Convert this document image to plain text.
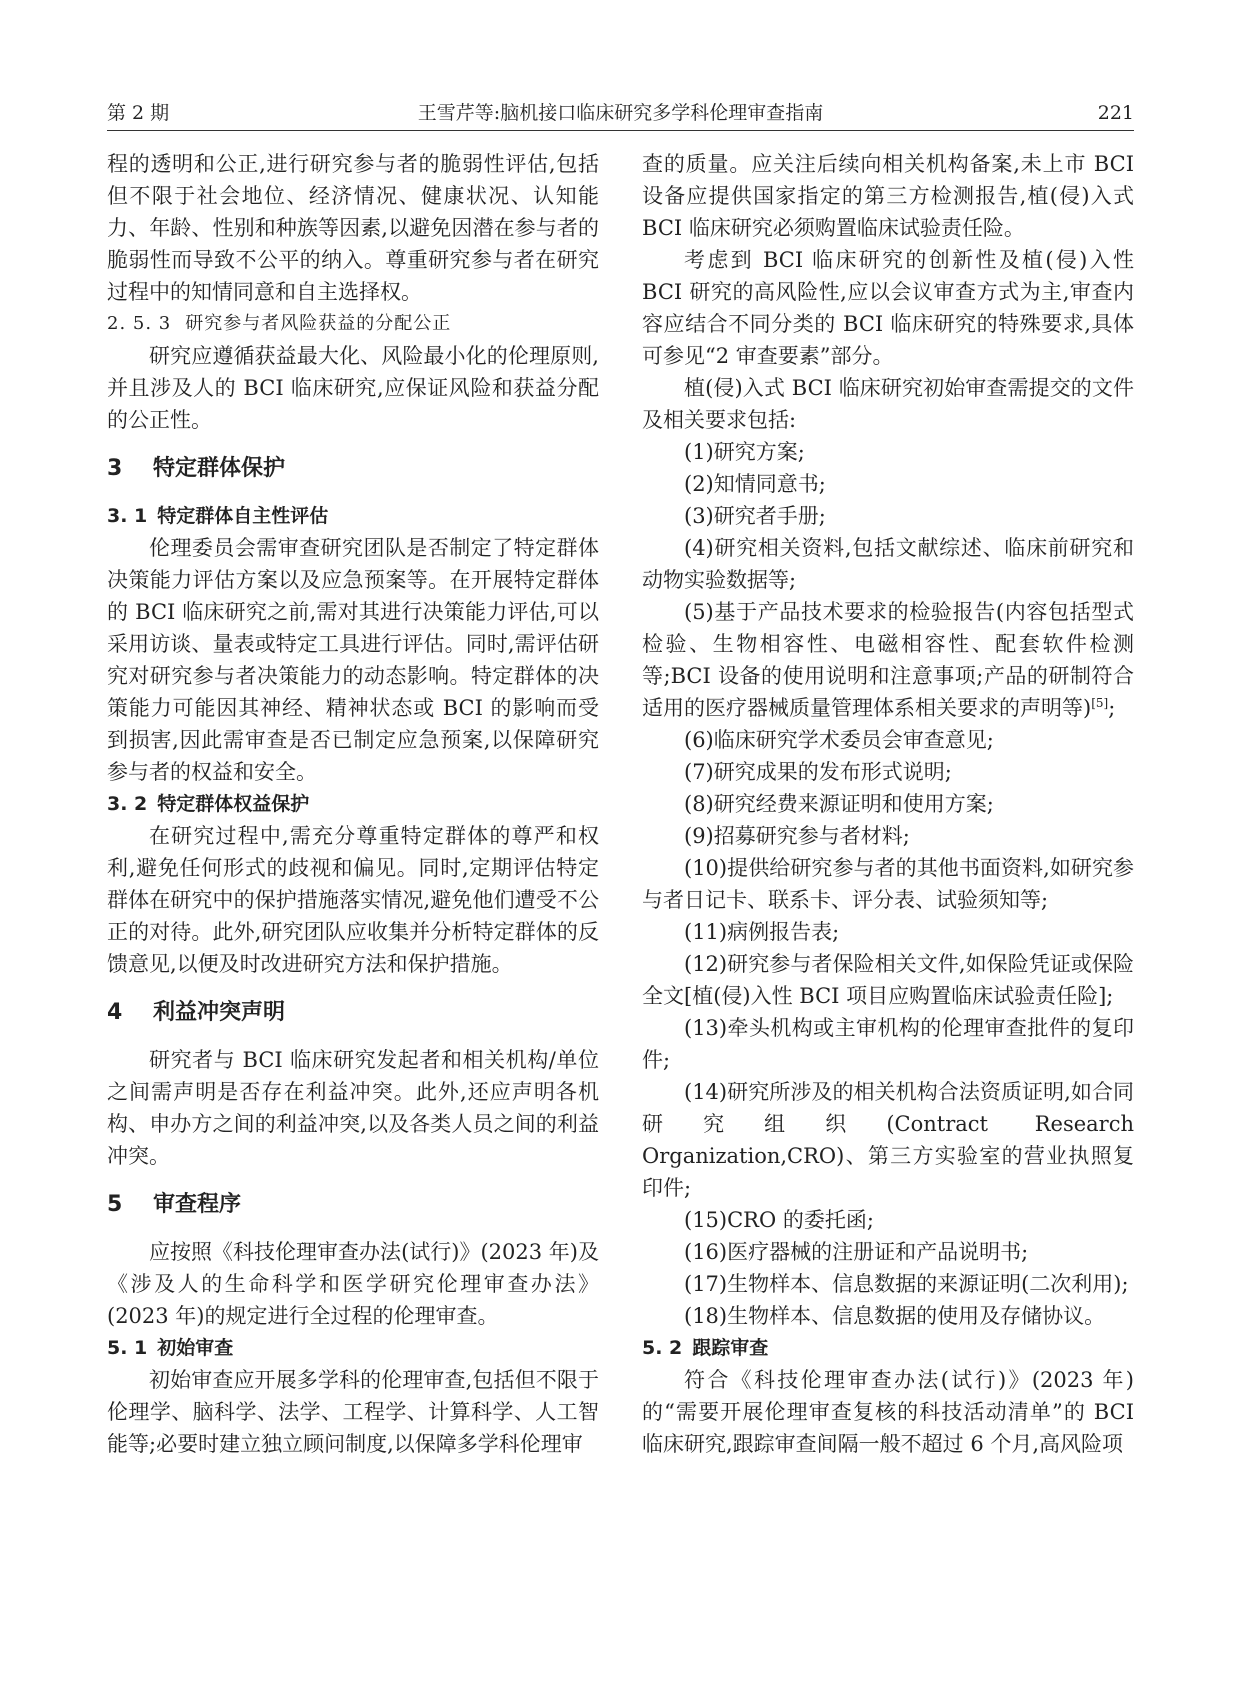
第 2 期	王雪芹等:脑机接口临床研究多学科伦理审查指南	221

程的透明和公正,进行研究参与者的脆弱性评估,包括但不限于社会地位、经济情况、健康状况、认知能力、年龄、性别和种族等因素,以避免因潜在参与者的脆弱性而导致不公平的纳入。尊重研究参与者在研究过程中的知情同意和自主选择权。

2. 5. 3 研究参与者风险获益的分配公正

研究应遵循获益最大化、风险最小化的伦理原则,并且涉及人的 BCI 临床研究,应保证风险和获益分配的公正性。

3 特定群体保护
3. 1 特定群体自主性评估

伦理委员会需审查研究团队是否制定了特定群体决策能力评估方案以及应急预案等。在开展特定群体的 BCI 临床研究之前,需对其进行决策能力评估,可以采用访谈、量表或特定工具进行评估。同时,需评估研究对研究参与者决策能力的动态影响。特定群体的决策能力可能因其神经、精神状态或 BCI 的影响而受到损害,因此需审查是否已制定应急预案,以保障研究参与者的权益和安全。

3. 2 特定群体权益保护

在研究过程中,需充分尊重特定群体的尊严和权利,避免任何形式的歧视和偏见。同时,定期评估特定群体在研究中的保护措施落实情况,避免他们遭受不公正的对待。此外,研究团队应收集并分析特定群体的反馈意见,以便及时改进研究方法和保护措施。

4 利益冲突声明

研究者与 BCI 临床研究发起者和相关机构/单位之间需声明是否存在利益冲突。此外,还应声明各机构、申办方之间的利益冲突,以及各类人员之间的利益冲突。

5 审查程序

应按照《科技伦理审查办法(试行)》(2023 年)及《涉及人的生命科学和医学研究伦理审查办法》(2023 年)的规定进行全过程的伦理审查。

5. 1 初始审查

初始审查应开展多学科的伦理审查,包括但不限于伦理学、脑科学、法学、工程学、计算科学、人工智能等;必要时建立独立顾问制度,以保障多学科伦理审

查的质量。应关注后续向相关机构备案,未上市 BCI 设备应提供国家指定的第三方检测报告,植(侵)入式 BCI 临床研究必须购置临床试验责任险。

考虑到 BCI 临床研究的创新性及植(侵)入性 BCI 研究的高风险性,应以会议审查方式为主,审查内容应结合不同分类的 BCI 临床研究的特殊要求,具体可参见“2 审查要素”部分。

植(侵)入式 BCI 临床研究初始审查需提交的文件及相关要求包括:

(1)研究方案;

(2)知情同意书;

(3)研究者手册;

(4)研究相关资料,包括文献综述、临床前研究和动物实验数据等;

(5)基于产品技术要求的检验报告(内容包括型式检验、生物相容性、电磁相容性、配套软件检测等;BCI 设备的使用说明和注意事项;产品的研制符合适用的医疗器械质量管理体系相关要求的声明等)[5];

(6)临床研究学术委员会审查意见;

(7)研究成果的发布形式说明;

(8)研究经费来源证明和使用方案;

(9)招募研究参与者材料;

(10)提供给研究参与者的其他书面资料,如研究参与者日记卡、联系卡、评分表、试验须知等;

(11)病例报告表;

(12)研究参与者保险相关文件,如保险凭证或保险全文[植(侵)入性 BCI 项目应购置临床试验责任险];

(13)牵头机构或主审机构的伦理审查批件的复印件;

(14)研究所涉及的相关机构合法资质证明,如合同研究组织(Contract Research Organization,CRO)、第三方实验室的营业执照复印件;

(15)CRO 的委托函;

(16)医疗器械的注册证和产品说明书;

(17)生物样本、信息数据的来源证明(二次利用);

(18)生物样本、信息数据的使用及存储协议。

5. 2 跟踪审查

符合《科技伦理审查办法(试行)》(2023 年)的“需要开展伦理审查复核的科技活动清单”的 BCI 临床研究,跟踪审查间隔一般不超过 6 个月,高风险项
